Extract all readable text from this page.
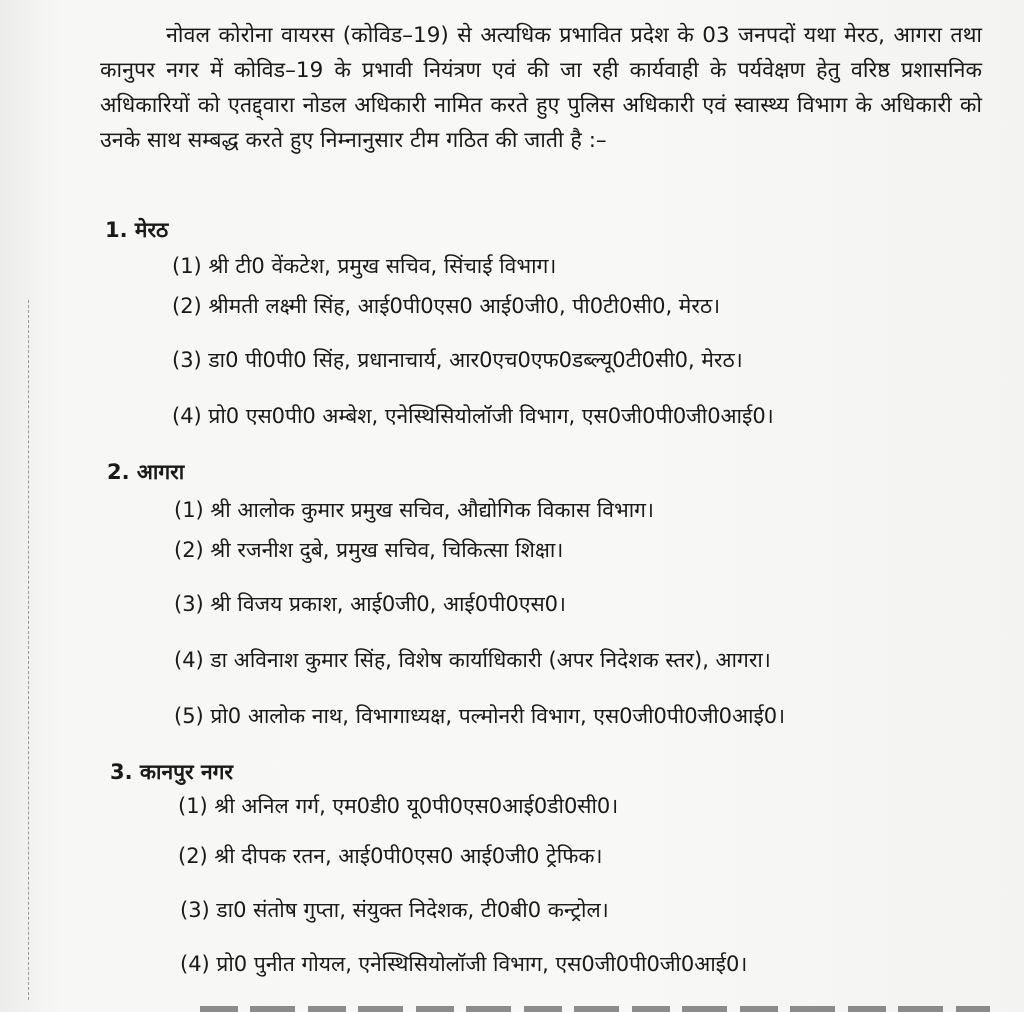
नोवल कोरोना वायरस (कोविड–19) से अत्यधिक प्रभावित प्रदेश के 03 जनपदों यथा मेरठ, आगरा तथा कानुपर नगर में कोविड–19 के प्रभावी नियंत्रण एवं की जा रही कार्यवाही के पर्यवेक्षण हेतु वरिष्ठ प्रशासनिक अधिकारियों को एतद्द्वारा नोडल अधिकारी नामित करते हुए पुलिस अधिकारी एवं स्वास्थ्य विभाग के अधिकारी को उनके साथ सम्बद्ध करते हुए निम्नानुसार टीम गठित की जाती है :–

1. मेरठ
(1) श्री टी0 वेंकटेश, प्रमुख सचिव, सिंचाई विभाग।
(2) श्रीमती लक्ष्मी सिंह, आई0पी0एस0 आई0जी0, पी0टी0सी0, मेरठ।
(3) डा0 पी0पी0 सिंह, प्रधानाचार्य, आर0एच0एफ0डब्ल्यू0टी0सी0, मेरठ।
(4) प्रो0 एस0पी0 अम्बेश, एनेस्थिसियोलॉजी विभाग, एस0जी0पी0जी0आई0।
2. आगरा
(1) श्री आलोक कुमार प्रमुख सचिव, औद्योगिक विकास विभाग।
(2) श्री रजनीश दुबे, प्रमुख सचिव, चिकित्सा शिक्षा।
(3) श्री विजय प्रकाश, आई0जी0, आई0पी0एस0।
(4) डा अविनाश कुमार सिंह, विशेष कार्याधिकारी (अपर निदेशक स्तर), आगरा।
(5) प्रो0 आलोक नाथ, विभागाध्यक्ष, पल्मोनरी विभाग, एस0जी0पी0जी0आई0।
3. कानपुर नगर
(1) श्री अनिल गर्ग, एम0डी0 यू0पी0एस0आई0डी0सी0।
(2) श्री दीपक रतन, आई0पी0एस0 आई0जी0 ट्रेफिक।
(3) डा0 संतोष गुप्ता, संयुक्त निदेशक, टी0बी0 कन्ट्रोल।
(4) प्रो0 पुनीत गोयल, एनेस्थिसियोलॉजी विभाग, एस0जी0पी0जी0आई0।
